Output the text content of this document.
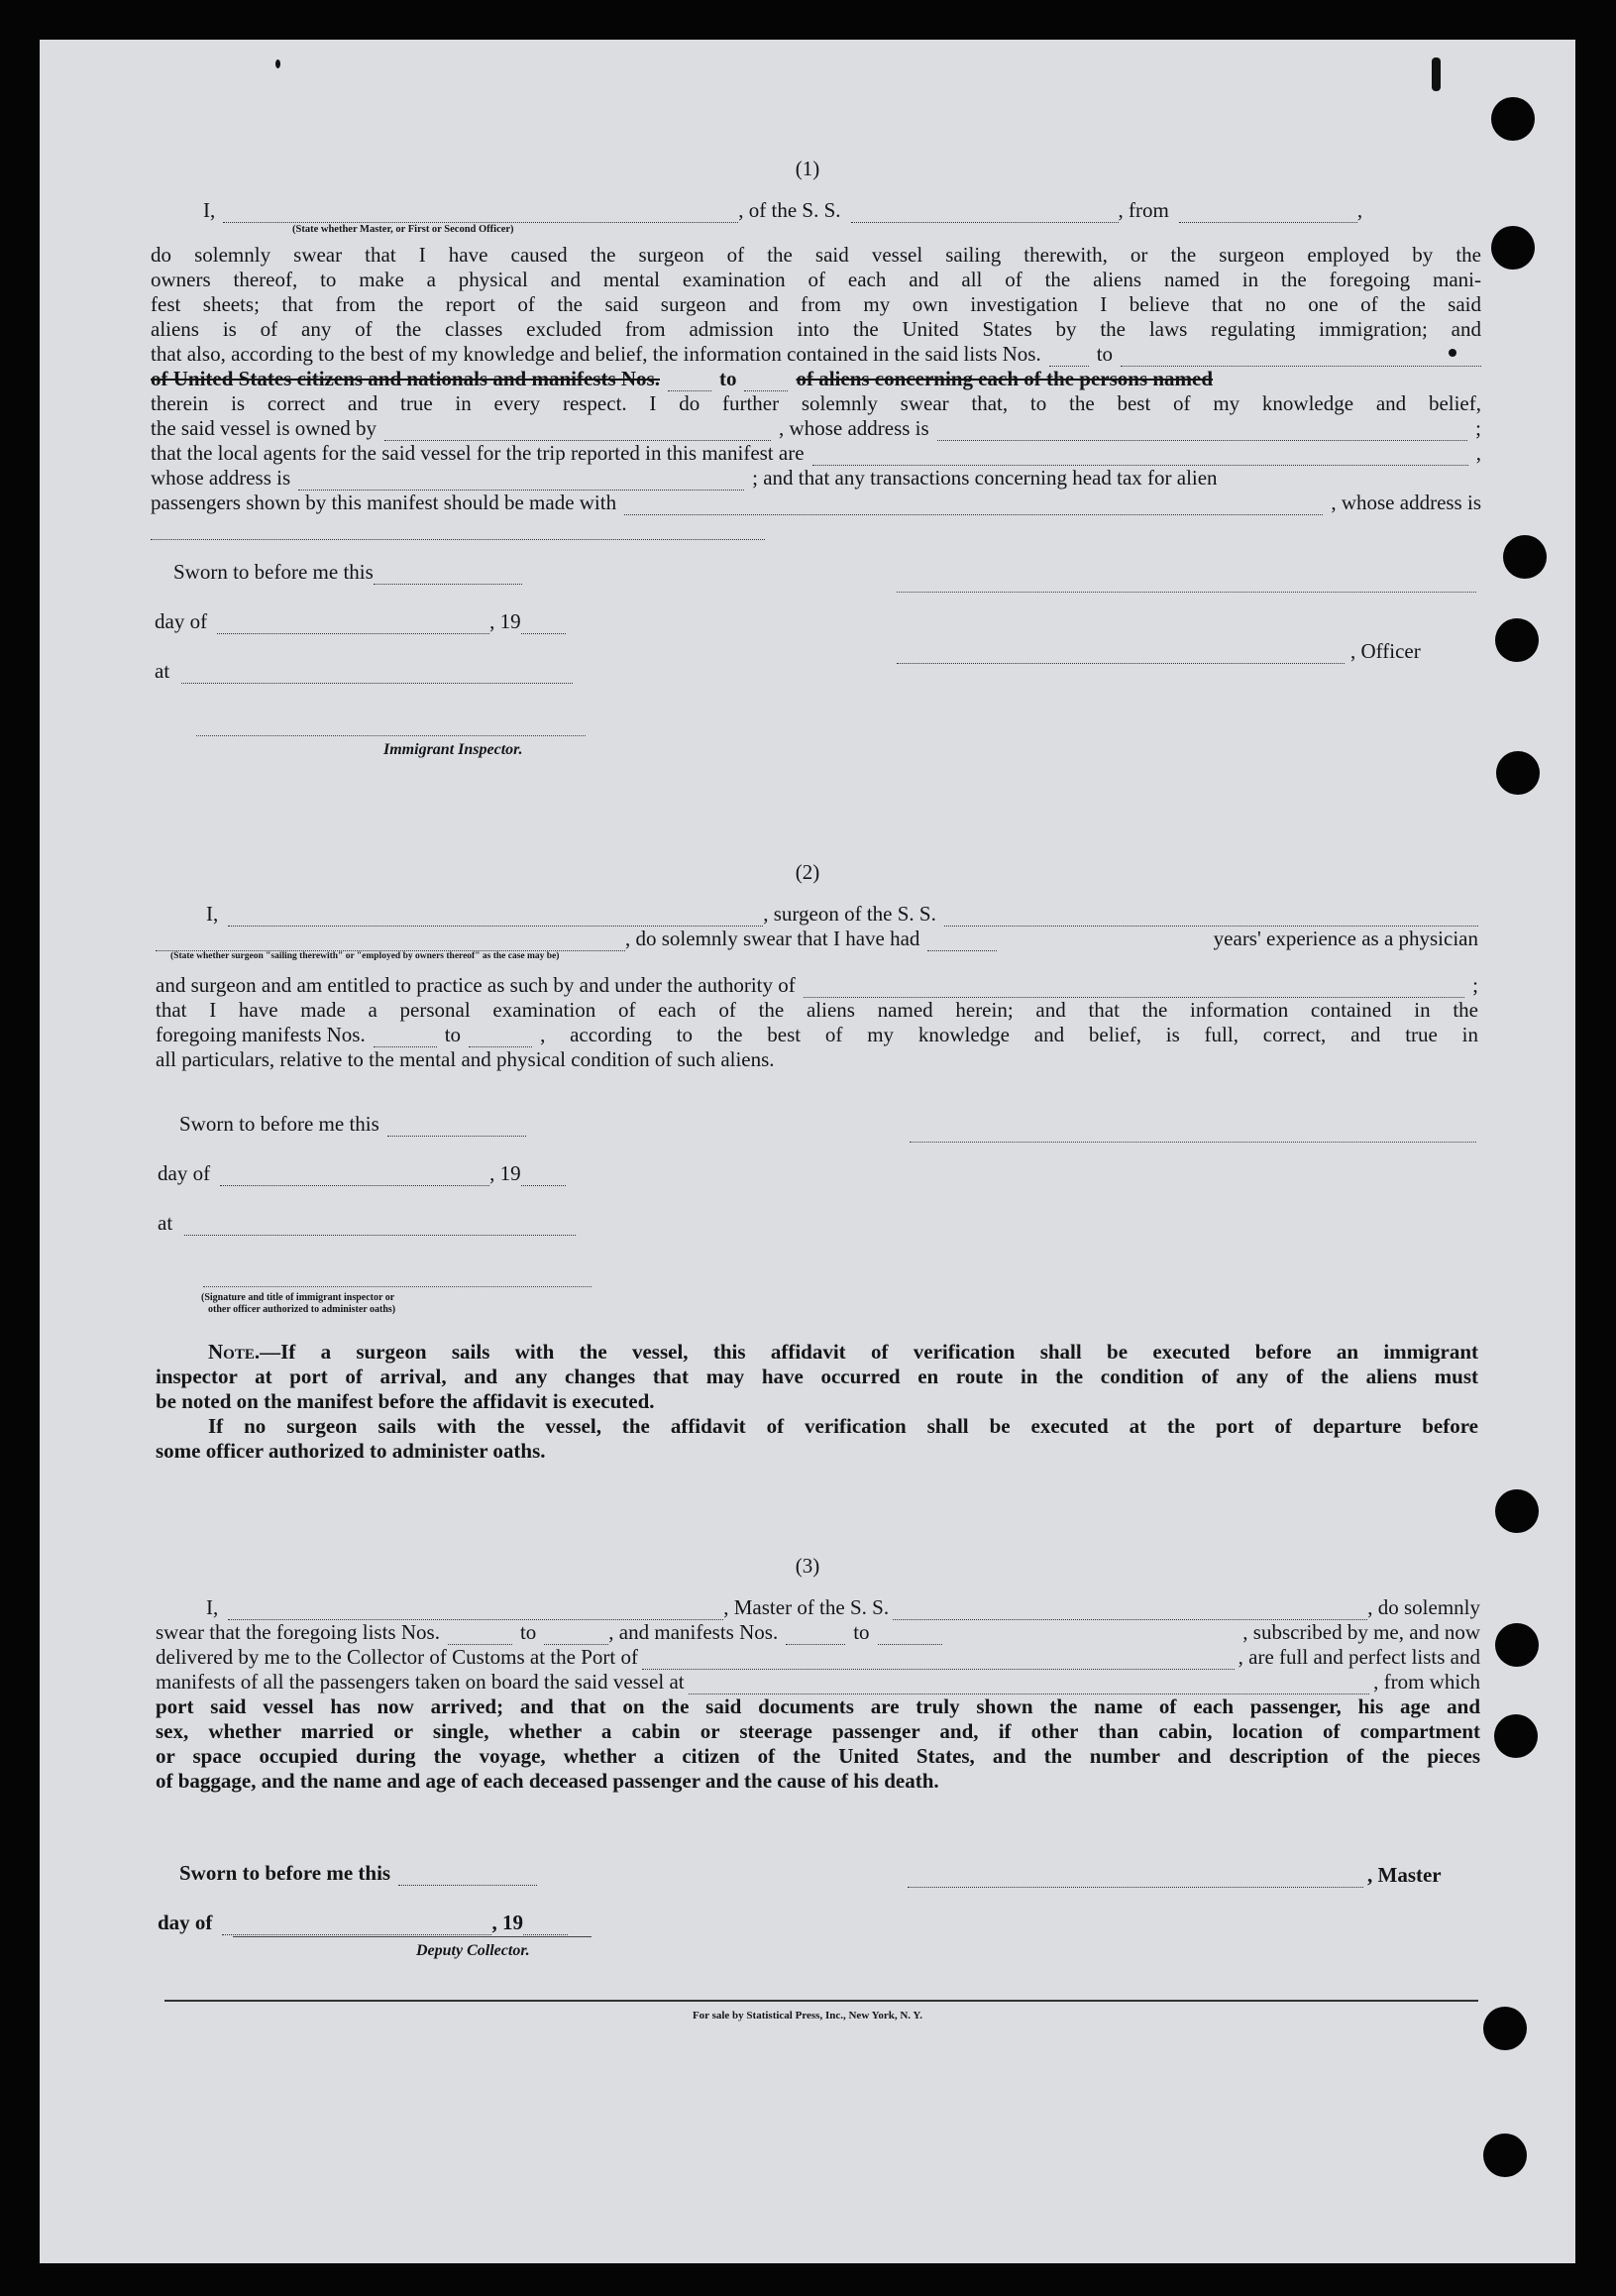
(1)
I,	, of the S. S.	, from	,
(State whether Master, or First or Second Officer)
do solemnly swear that I have caused the surgeon of the said vessel sailing therewith, or the surgeon employed by the
owners thereof, to make a physical and mental examination of each and all of the aliens named in the foregoing mani-
fest sheets; that from the report of the said surgeon and from my own investigation I believe that no one of the said
aliens is of any of the classes excluded from admission into the United States by the laws regulating immigration; and
that also, according to the best of my knowledge and belief, the information contained in the said lists Nos.	to
of United States citizens and nationals and manifests Nos.	to	of aliens concerning each of the persons named
therein is correct and true in every respect. I do further solemnly swear that, to the best of my knowledge and belief,
the said vessel is owned by	, whose address is	;
that the local agents for the said vessel for the trip reported in this manifest are	,
whose address is	; and that any transactions concerning head tax for alien
passengers shown by this manifest should be made with	, whose address is
Sworn to before me this
day of	, 19
at
Immigrant Inspector.
, Officer
(2)
I,	, surgeon of the S. S.
, do solemnly swear that I have had	years' experience as a physician
(State whether surgeon "sailing therewith" or "employed by owners thereof" as the case may be)
and surgeon and am entitled to practice as such by and under the authority of	;
that I have made a personal examination of each of the aliens named herein; and that the information contained in the
foregoing manifests Nos.	to	, according to the best of my knowledge and belief, is full, correct, and true in
all particulars, relative to the mental and physical condition of such aliens.
Sworn to before me this
day of	, 19
at
(Signature and title of immigrant inspector or
other officer authorized to administer oaths)
Note.—If a surgeon sails with the vessel, this affidavit of verification shall be executed before an immigrant
inspector at port of arrival, and any changes that may have occurred en route in the condition of any of the aliens must
be noted on the manifest before the affidavit is executed.
If no surgeon sails with the vessel, the affidavit of verification shall be executed at the port of departure before
some officer authorized to administer oaths.
(3)
I,	, Master of the S. S.	, do solemnly
swear that the foregoing lists Nos.	to	, and manifests Nos.	to	, subscribed by me, and now
delivered by me to the Collector of Customs at the Port of	, are full and perfect lists and
manifests of all the passengers taken on board the said vessel at	, from which
port said vessel has now arrived; and that on the said documents are truly shown the name of each passenger, his age and
sex, whether married or single, whether a cabin or steerage passenger and, if other than cabin, location of compartment
or space occupied during the voyage, whether a citizen of the United States, and the number and description of the pieces
of baggage, and the name and age of each deceased passenger and the cause of his death.
Sworn to before me this
day of	, 19
Deputy Collector.
, Master
For sale by Statistical Press, Inc., New York, N. Y.
